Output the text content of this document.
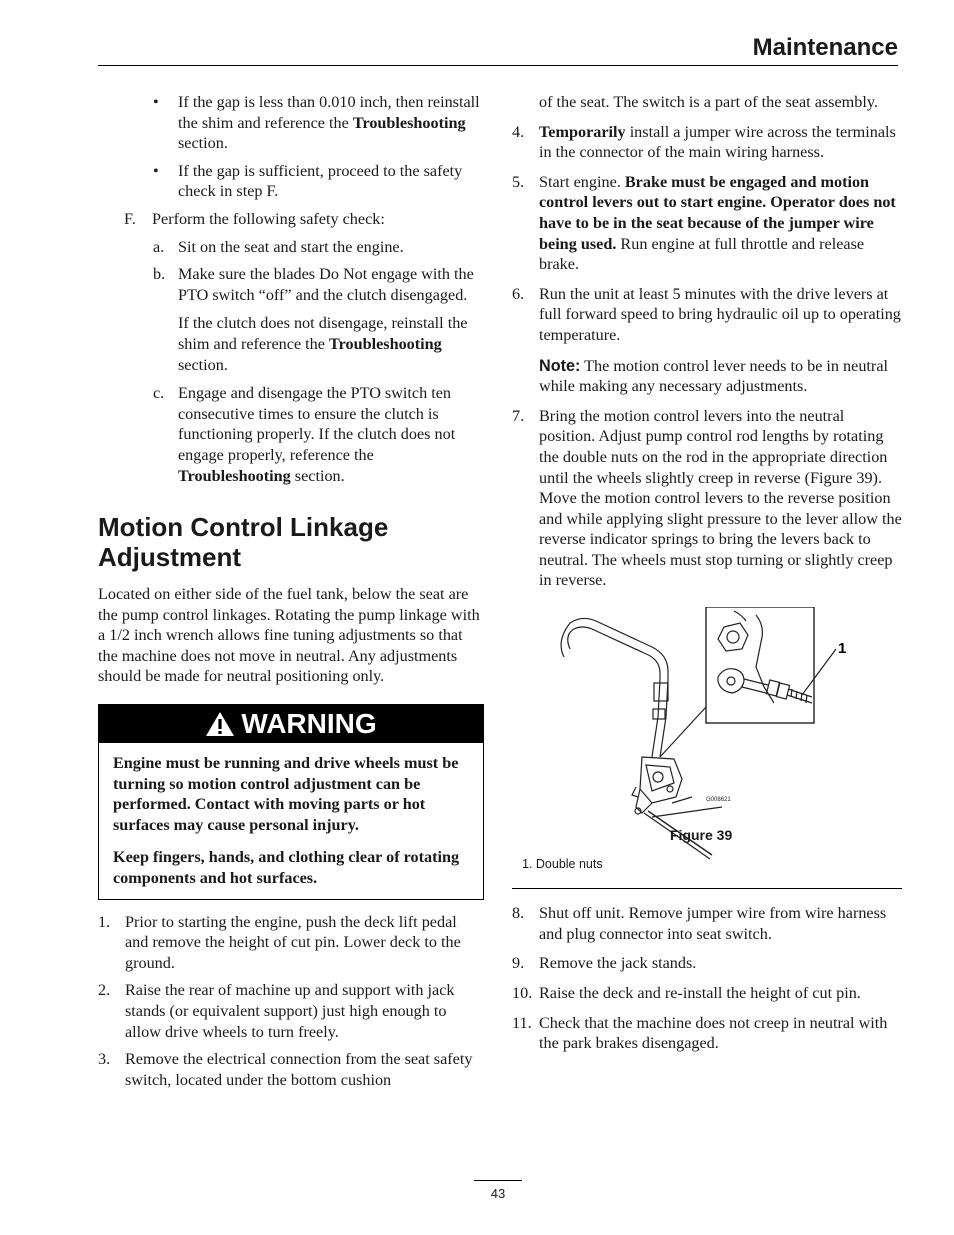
Maintenance
• If the gap is less than 0.010 inch, then reinstall the shim and reference the Troubleshooting section.
• If the gap is sufficient, proceed to the safety check in step F.
F. Perform the following safety check:
a. Sit on the seat and start the engine.
b. Make sure the blades Do Not engage with the PTO switch “off” and the clutch disengaged.
If the clutch does not disengage, reinstall the shim and reference the Troubleshooting section.
c. Engage and disengage the PTO switch ten consecutive times to ensure the clutch is functioning properly. If the clutch does not engage properly, reference the Troubleshooting section.
Motion Control Linkage Adjustment

Located on either side of the fuel tank, below the seat are the pump control linkages. Rotating the pump linkage with a 1/2 inch wrench allows fine tuning adjustments so that the machine does not move in neutral. Any adjustments should be made for neutral positioning only.

WARNING

Engine must be running and drive wheels must be turning so motion control adjustment can be performed. Contact with moving parts or hot surfaces may cause personal injury.

Keep fingers, hands, and clothing clear of rotating components and hot surfaces.

1. Prior to starting the engine, push the deck lift pedal and remove the height of cut pin. Lower deck to the ground.
2. Raise the rear of machine up and support with jack stands (or equivalent support) just high enough to allow drive wheels to turn freely.
3. Remove the electrical connection from the seat safety switch, located under the bottom cushion
of the seat. The switch is a part of the seat assembly.
4. Temporarily install a jumper wire across the terminals in the connector of the main wiring harness.
5. Start engine. Brake must be engaged and motion control levers out to start engine. Operator does not have to be in the seat because of the jumper wire being used. Run engine at full throttle and release brake.
6. Run the unit at least 5 minutes with the drive levers at full forward speed to bring hydraulic oil up to operating temperature.
Note: The motion control lever needs to be in neutral while making any necessary adjustments.
7. Bring the motion control levers into the neutral position. Adjust pump control rod lengths by rotating the double nuts on the rod in the appropriate direction until the wheels slightly creep in reverse (Figure 39). Move the motion control levers to the reverse position and while applying slight pressure to the lever allow the reverse indicator springs to bring the levers back to neutral. The wheels must stop turning or slightly creep in reverse.
G008621
1
Figure 39
1. Double nuts
8. Shut off unit. Remove jumper wire from wire harness and plug connector into seat switch.
9. Remove the jack stands.
10. Raise the deck and re-install the height of cut pin.
11. Check that the machine does not creep in neutral with the park brakes disengaged.
43
